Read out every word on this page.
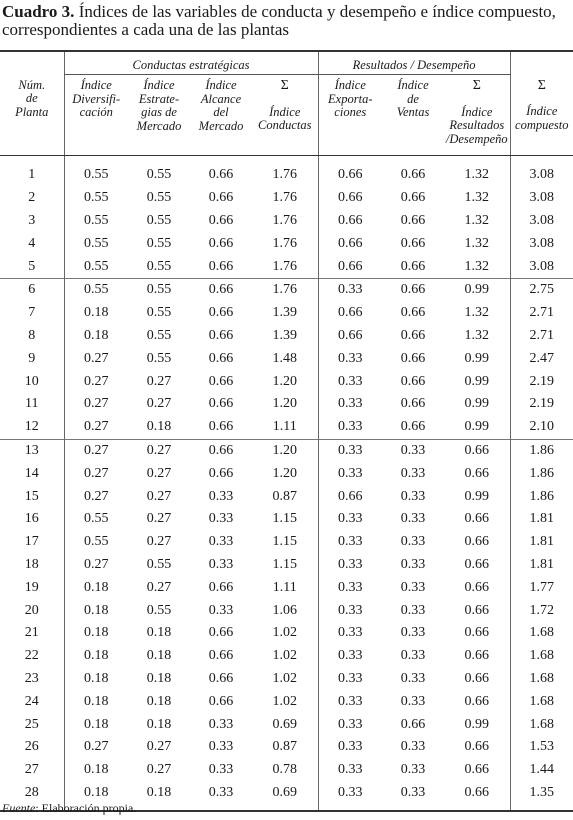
Cuadro 3. Índices de las variables de conducta y desempeño e índice compuesto, correspondientes a cada una de las plantas
	Conductas estratégicas				Resultados / Desempeño			
Núm.
de
Planta	Índice
Diversifi-
cación	Índice
Estrate-
gias de
Mercado	Índice
Alcance
del
Mercado	Σ

Índice
Conductas	Índice
Exporta-
ciones	Índice
de
Ventas	Σ

Índice
Resultados
/Desempeño	Σ

Índice
compuesto
1	0.55	0.55	0.66	1.76	0.66	0.66	1.32	3.08
2	0.55	0.55	0.66	1.76	0.66	0.66	1.32	3.08
3	0.55	0.55	0.66	1.76	0.66	0.66	1.32	3.08
4	0.55	0.55	0.66	1.76	0.66	0.66	1.32	3.08
5	0.55	0.55	0.66	1.76	0.66	0.66	1.32	3.08
6	0.55	0.55	0.66	1.76	0.33	0.66	0.99	2.75
7	0.18	0.55	0.66	1.39	0.66	0.66	1.32	2.71
8	0.18	0.55	0.66	1.39	0.66	0.66	1.32	2.71
9	0.27	0.55	0.66	1.48	0.33	0.66	0.99	2.47
10	0.27	0.27	0.66	1.20	0.33	0.66	0.99	2.19
11	0.27	0.27	0.66	1.20	0.33	0.66	0.99	2.19
12	0.27	0.18	0.66	1.11	0.33	0.66	0.99	2.10
13	0.27	0.27	0.66	1.20	0.33	0.33	0.66	1.86
14	0.27	0.27	0.66	1.20	0.33	0.33	0.66	1.86
15	0.27	0.27	0.33	0.87	0.66	0.33	0.99	1.86
16	0.55	0.27	0.33	1.15	0.33	0.33	0.66	1.81
17	0.55	0.27	0.33	1.15	0.33	0.33	0.66	1.81
18	0.27	0.55	0.33	1.15	0.33	0.33	0.66	1.81
19	0.18	0.27	0.66	1.11	0.33	0.33	0.66	1.77
20	0.18	0.55	0.33	1.06	0.33	0.33	0.66	1.72
21	0.18	0.18	0.66	1.02	0.33	0.33	0.66	1.68
22	0.18	0.18	0.66	1.02	0.33	0.33	0.66	1.68
23	0.18	0.18	0.66	1.02	0.33	0.33	0.66	1.68
24	0.18	0.18	0.66	1.02	0.33	0.33	0.66	1.68
25	0.18	0.18	0.33	0.69	0.33	0.66	0.99	1.68
26	0.27	0.27	0.33	0.87	0.33	0.33	0.66	1.53
27	0.18	0.27	0.33	0.78	0.33	0.33	0.66	1.44
28	0.18	0.18	0.33	0.69	0.33	0.33	0.66	1.35
Fuente: Elaboración propia.
